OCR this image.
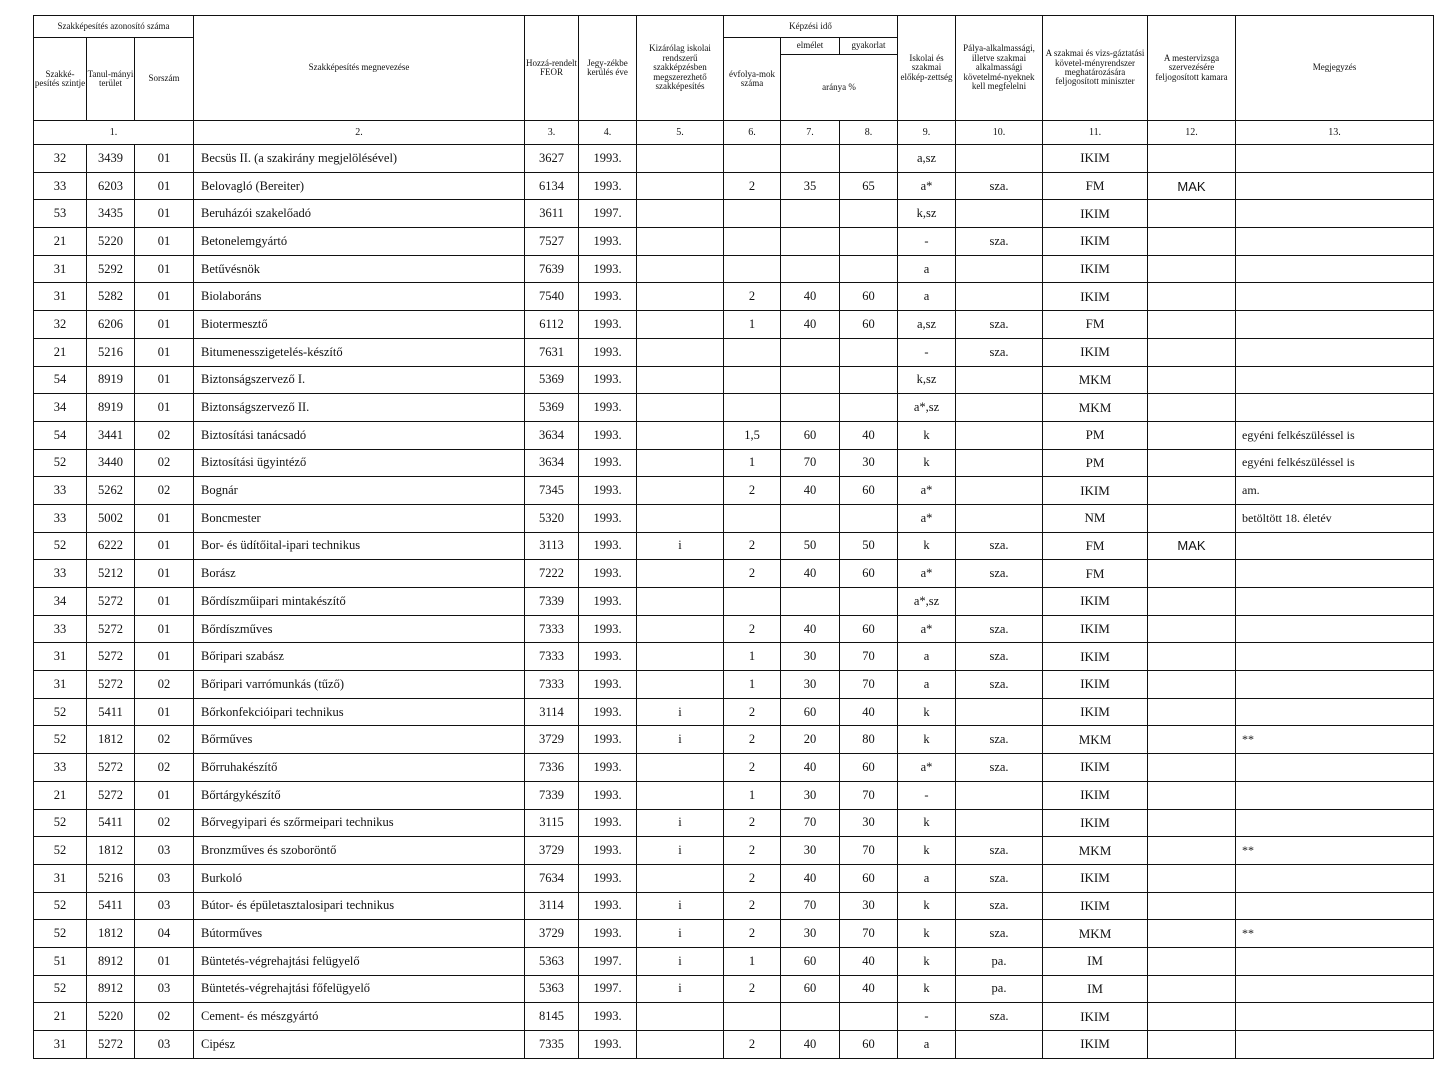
Szakképesítés azonosító száma			Szakképesítés megnevezése	Hozzá-rendelt FEOR	Jegy-zékbe kerülés éve	Kizárólag iskolai rendszerű szakképzésben megszerezhető szakképesítés	Képzési idő			Iskolai és szakmai előkép-zettség	Pálya-alkalmassági, illetve szakmai alkalmassági követelmé-nyeknek kell megfelelni	A szakmai és vizs-gáztatási követel-ményrendszer meghatározására feljogosított miniszter	A mestervizsga szervezésére feljogosított kamara	Megjegyzés
Szakké-pesítés szintje	Tanul-mányi terület	Sorszám					évfolya-mok száma	elmélet	gyakorlat					
								aránya %						
1.			2.	3.	4.	5.	6.	7.	8.	9.	10.	11.	12.	13.
32	3439	01	Becsüs II. (a szakirány megjelölésével)	3627	1993.					a,sz		IKIM		
33	6203	01	Belovagló (Bereiter)	6134	1993.		2	35	65	a*	sza.	FM	MAK	
53	3435	01	Beruházói szakelőadó	3611	1997.					k,sz		IKIM		
21	5220	01	Betonelemgyártó	7527	1993.					-	sza.	IKIM		
31	5292	01	Betűvésnök	7639	1993.					a		IKIM		
31	5282	01	Biolaboráns	7540	1993.		2	40	60	a		IKIM		
32	6206	01	Biotermesztő	6112	1993.		1	40	60	a,sz	sza.	FM		
21	5216	01	Bitumenesszigetelés-készítő	7631	1993.					-	sza.	IKIM		
54	8919	01	Biztonságszervező I.	5369	1993.					k,sz		MKM		
34	8919	01	Biztonságszervező II.	5369	1993.					a*,sz		MKM		
54	3441	02	Biztosítási tanácsadó	3634	1993.		1,5	60	40	k		PM		egyéni felkészüléssel is
52	3440	02	Biztosítási ügyintéző	3634	1993.		1	70	30	k		PM		egyéni felkészüléssel is
33	5262	02	Bognár	7345	1993.		2	40	60	a*		IKIM		am.
33	5002	01	Boncmester	5320	1993.					a*		NM		betöltött 18. életév
52	6222	01	Bor- és üdítőital-ipari technikus	3113	1993.	i	2	50	50	k	sza.	FM	MAK	
33	5212	01	Borász	7222	1993.		2	40	60	a*	sza.	FM		
34	5272	01	Bőrdíszműipari mintakészítő	7339	1993.					a*,sz		IKIM		
33	5272	01	Bőrdíszműves	7333	1993.		2	40	60	a*	sza.	IKIM		
31	5272	01	Bőripari szabász	7333	1993.		1	30	70	a	sza.	IKIM		
31	5272	02	Bőripari varrómunkás (tűző)	7333	1993.		1	30	70	a	sza.	IKIM		
52	5411	01	Bőrkonfekcióipari technikus	3114	1993.	i	2	60	40	k		IKIM		
52	1812	02	Bőrműves	3729	1993.	i	2	20	80	k	sza.	MKM		**
33	5272	02	Bőrruhakészítő	7336	1993.		2	40	60	a*	sza.	IKIM		
21	5272	01	Bőrtárgykészítő	7339	1993.		1	30	70	-		IKIM		
52	5411	02	Bőrvegyipari és szőrmeipari technikus	3115	1993.	i	2	70	30	k		IKIM		
52	1812	03	Bronzműves és szoboröntő	3729	1993.	i	2	30	70	k	sza.	MKM		**
31	5216	03	Burkoló	7634	1993.		2	40	60	a	sza.	IKIM		
52	5411	03	Bútor- és épületasztalosipari technikus	3114	1993.	i	2	70	30	k	sza.	IKIM		
52	1812	04	Bútorműves	3729	1993.	i	2	30	70	k	sza.	MKM		**
51	8912	01	Büntetés-végrehajtási felügyelő	5363	1997.	i	1	60	40	k	pa.	IM		
52	8912	03	Büntetés-végrehajtási főfelügyelő	5363	1997.	i	2	60	40	k	pa.	IM		
21	5220	02	Cement- és mészgyártó	8145	1993.					-	sza.	IKIM		
31	5272	03	Cipész	7335	1993.		2	40	60	a		IKIM		
